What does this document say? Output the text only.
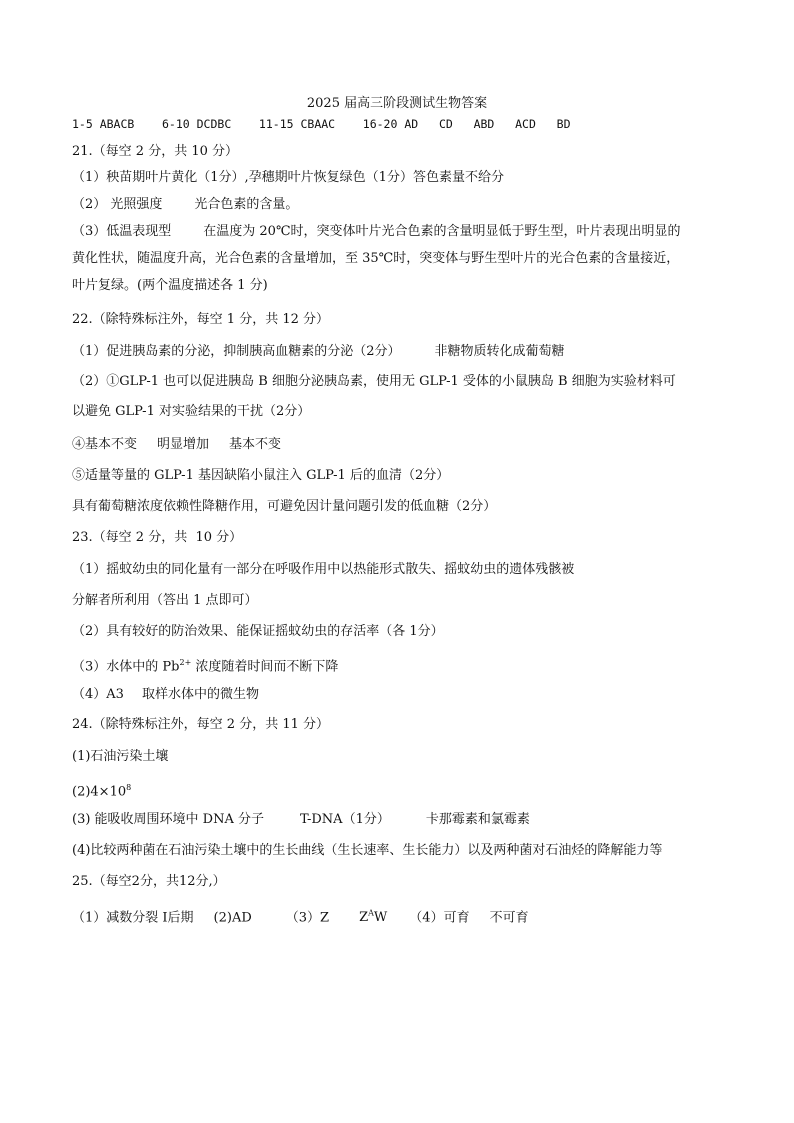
2025 届高三阶段测试生物答案
1-5 ABACB    6-10 DCDBC    11-15 CBAAC    16-20 AD   CD   ABD   ACD   BD
21.（每空 2 分，共 10 分）
（1）秧苗期叶片黄化（1分）,孕穗期叶片恢复绿色（1分）答色素量不给分
（2） 光照强度 光合色素的含量。
（3）低温表现型 在温度为 20℃时，突变体叶片光合色素的含量明显低于野生型，叶片表现出明显的
黄化性状，随温度升高，光合色素的含量增加，至 35℃时，突变体与野生型叶片的光合色素的含量接近，
叶片复绿。(两个温度描述各 1 分)
22.（除特殊标注外，每空 1 分，共 12 分）
（1）促进胰岛素的分泌，抑制胰高血糖素的分泌（2分）	非糖物质转化成葡萄糖
（2）①GLP-1 也可以促进胰岛 B 细胞分泌胰岛素，使用无 GLP-1 受体的小鼠胰岛 B 细胞为实验材料可
以避免 GLP-1 对实验结果的干扰（2分）
④基本不变 明显增加 基本不变
⑤适量等量的 GLP-1 基因缺陷小鼠注入 GLP-1 后的血清（2分）
具有葡萄糖浓度依赖性降糖作用，可避免因计量问题引发的低血糖（2分）
23.（每空 2 分，共  10 分）
（1）摇蚊幼虫的同化量有一部分在呼吸作用中以热能形式散失、摇蚊幼虫的遗体残骸被
分解者所利用（答出 1 点即可）
（2）具有较好的防治效果、能保证摇蚊幼虫的存活率（各 1分）
（3）水体中的 $Pb^{2+}$ 浓度随着时间而不断下降
（4）A3 取样水体中的微生物
24.（除特殊标注外，每空 2 分，共 11 分）
(1)石油污染土壤
$(2)4\times 10^8$
(3) 能吸收周围环境中 DNA 分子	T-DNA（1分）	卡那霉素和氯霉素
(4)比较两种菌在石油污染土壤中的生长曲线（生长速率、生长能力）以及两种菌对石油烃的降解能力等
25.（每空2分，共12分,）
（1）减数分裂 I后期 (2)AD	（3）Z $Z^AW$ （4）可育 不可育
